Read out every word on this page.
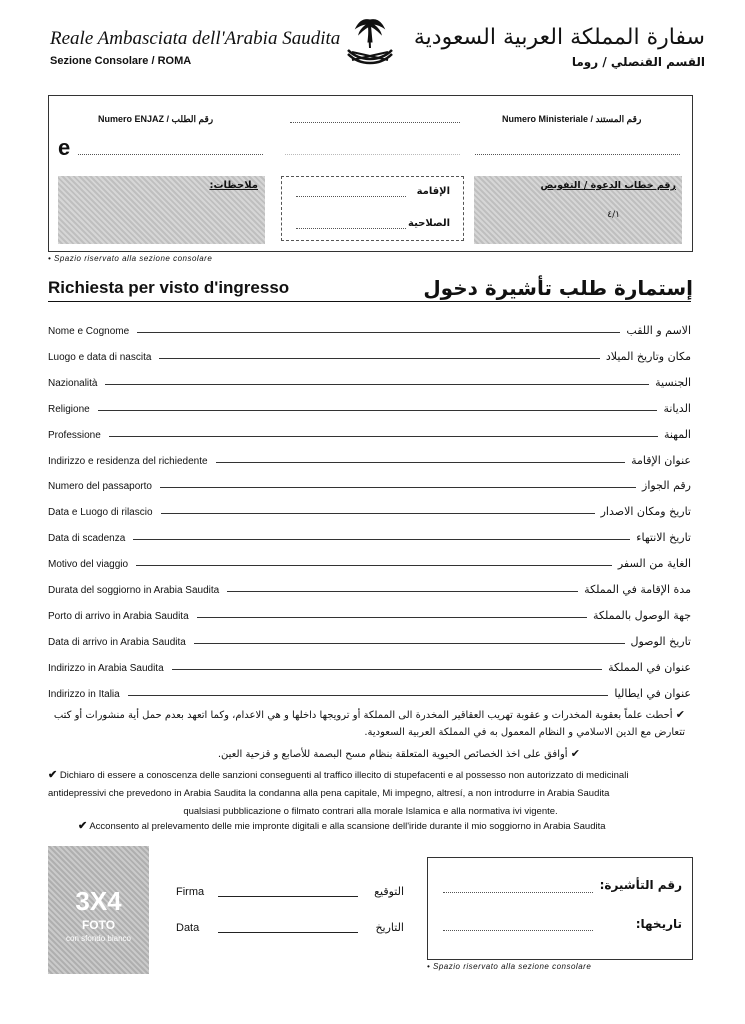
Reale Ambasciata dell'Arabia Saudita
Sezione Consolare / ROMA
سفارة المملكة العربية السعودية
القسم القنصلي / روما
Numero ENJAZ / رقم الطلب	Numero Ministeriale / رقم المستند
e
ملاحظات:
الإقامة
الصلاحية
رقم خطاب الدعوة / التفويض
٤/١
• Spazio riservato alla sezione consolare
Richiesta per visto d'ingresso	إستمارة طلب تأشيرة دخول
Nome e Cognome	الاسم و اللقب
Luogo e data di nascita	مكان وتاريخ الميلاد
Nazionalità	الجنسية
Religione	الديانة
Professione	المهنة
Indirizzo e residenza del richiedente	عنوان الإقامة
Numero del passaporto	رقم الجواز
Data e Luogo di rilascio	تاريخ ومكان الاصدار
Data di scadenza	تاريخ الانتهاء
Motivo del viaggio	الغاية من السفر
Durata del soggiorno in Arabia Saudita	مدة الإقامة في المملكة
Porto di arrivo in Arabia Saudita	جهة الوصول بالمملكة
Data di arrivo in Arabia Saudita	تاريخ الوصول
Indirizzo in Arabia Saudita	عنوان في المملكة
Indirizzo in Italia	عنوان في ايطاليا
✔ أحطت علماً بعقوبة المخدرات و عقوبة تهريب العقاقير المخدرة الى المملكة أو ترويجها داخلها و هي الاعدام، وكما اتعهد بعدم حمل أية منشورات أو كتب تتعارض مع الدين الاسلامي و النظام المعمول به في المملكة العربية السعودية.
✔ أوافق على اخذ الخصائص الحيوية المتعلقة بنظام مسح البصمة للأصابع و قزحية العين.
✔ Dichiaro di essere a conoscenza delle sanzioni conseguenti al traffico illecito di stupefacenti e al possesso non autorizzato di medicinali
antidepressivi che prevedono in Arabia Saudita la condanna alla pena capitale, Mi impegno, altresí, a non introdurre in Arabia Saudita
qualsiasi pubblicazione o filmato contrari alla morale Islamica e alla normativa ivi vigente.
✔ Acconsento al prelevamento delle mie impronte digitali e alla scansione dell'iride durante il mio soggiorno in Arabia Saudita
3X4
FOTO
con sfondo bianco
Firma	التوقيع
Data	التاريخ
رقم التأشيرة:
تاريخها:
• Spazio riservato alla sezione consolare
